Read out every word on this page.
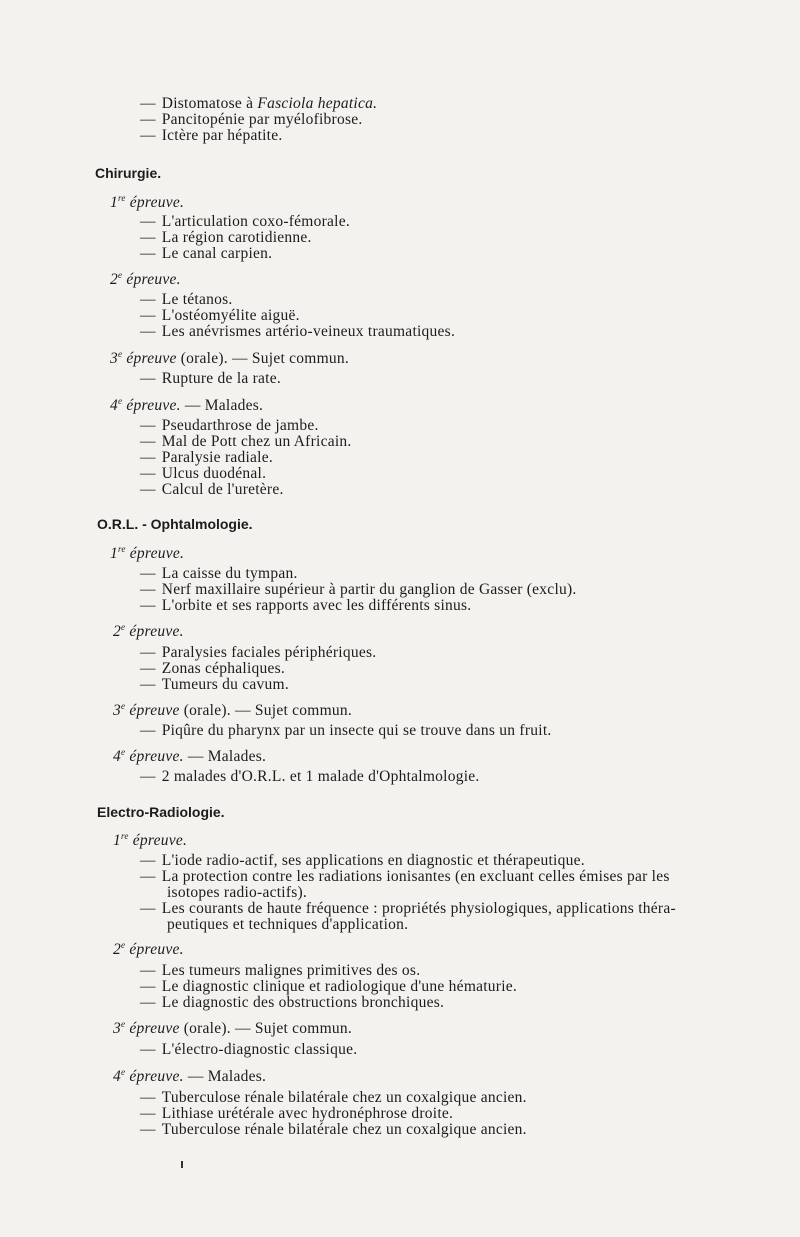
— Distomatose à Fasciola hepatica.
— Pancitopénie par myélofibrose.
— Ictère par hépatite.
Chirurgie.
1re épreuve.
— L'articulation coxo-fémorale.
— La région carotidienne.
— Le canal carpien.
2e épreuve.
— Le tétanos.
— L'ostéomyélite aiguë.
— Les anévrismes artério-veineux traumatiques.
3e épreuve (orale). — Sujet commun.
— Rupture de la rate.
4e épreuve. — Malades.
— Pseudarthrose de jambe.
— Mal de Pott chez un Africain.
— Paralysie radiale.
— Ulcus duodénal.
— Calcul de l'uretère.
O.R.L. - Ophtalmologie.
1re épreuve.
— La caisse du tympan.
— Nerf maxillaire supérieur à partir du ganglion de Gasser (exclu).
— L'orbite et ses rapports avec les différents sinus.
2e épreuve.
— Paralysies faciales périphériques.
— Zonas céphaliques.
— Tumeurs du cavum.
3e épreuve (orale). — Sujet commun.
— Piqûre du pharynx par un insecte qui se trouve dans un fruit.
4e épreuve. — Malades.
— 2 malades d'O.R.L. et 1 malade d'Ophtalmologie.
Electro-Radiologie.
1re épreuve.
— L'iode radio-actif, ses applications en diagnostic et thérapeutique.
— La protection contre les radiations ionisantes (en excluant celles émises par les
isotopes radio-actifs).
— Les courants de haute fréquence : propriétés physiologiques, applications théra-
peutiques et techniques d'application.
2e épreuve.
— Les tumeurs malignes primitives des os.
— Le diagnostic clinique et radiologique d'une hématurie.
— Le diagnostic des obstructions bronchiques.
3e épreuve (orale). — Sujet commun.
— L'électro-diagnostic classique.
4e épreuve. — Malades.
— Tuberculose rénale bilatérale chez un coxalgique ancien.
— Lithiase urétérale avec hydronéphrose droite.
— Tuberculose rénale bilatérale chez un coxalgique ancien.
